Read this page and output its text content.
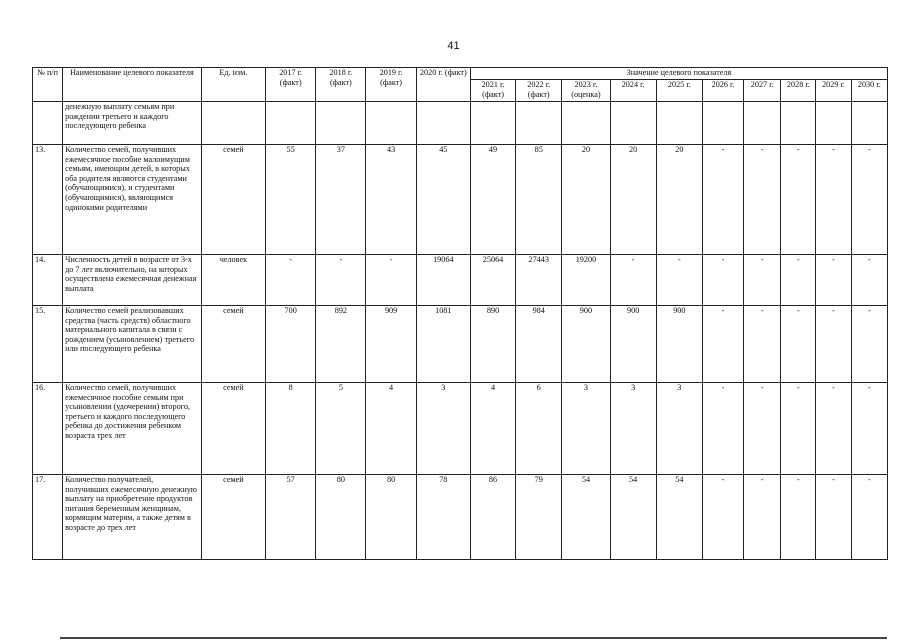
41
№ п/п	Наименование целевого показателя	Ед. изм.	2017 г. (факт)	2018 г. (факт)	2019 г. (факт)	2020 г. (факт)	Значение целевого показателя									
							2021 г. (факт)	2022 г. (факт)	2023 г. (оценка)	2024 г.	2025 г.	2026 г.	2027 г.	2028 г.	2029 г.	2030 г.
	денежную выплату семьям при рождении третьего и каждого последующего ребенка															
13.	Количество семей, получивших ежемесячное пособие малоимущим семьям, имеющим детей, в которых оба родителя являются студентами (обучающимися), и студентами (обучающимися), являющимся одинокими родителями	семей	55	37	43	45	49	85	20	20	20	-	-	-	-	-
14.	Численность детей в возрасте от 3-х до 7 лет включительно, на которых осуществлена ежемесячная денежная выплата	человек	-	-	-	19064	25064	27443	19200	-	-	-	-	-	-	-
15.	Количество семей реализовавших средства (часть средств) областного материального капитала в связи с рождением (усыновлением) третьего или последующего ребенка	семей	700	892	909	1081	890	984	900	900	900	-	-	-	-	-
16.	Количество семей, получивших ежемесячное пособие семьям при усыновлении (удочерении) второго, третьего и каждого последующего ребенка до достижения ребенком возраста трех лет	семей	8	5	4	3	4	6	3	3	3	-	-	-	-	-
17.	Количество получателей, получивших ежемесячную денежную выплату на приобретение продуктов питания беременным женщинам, кормящим матерям, а также детям в возрасте до трех лет	семей	57	80	80	78	86	79	54	54	54	-	-	-	-	-
